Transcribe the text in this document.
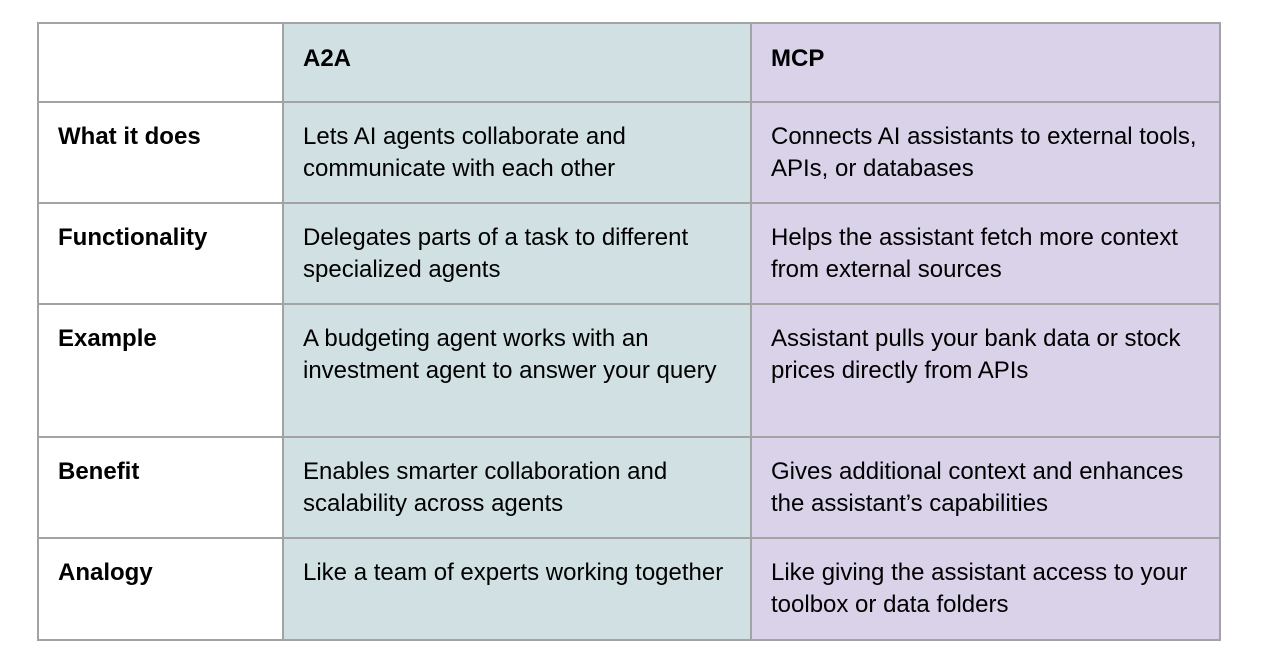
	A2A	MCP

What it does	Lets AI agents collaborate and communicate with each other	Connects AI assistants to external tools, APIs, or databases

Functionality	Delegates parts of a task to different specialized agents	Helps the assistant fetch more context from external sources

Example	A budgeting agent works with an investment agent to answer your query	Assistant pulls your bank data or stock prices directly from APIs

Benefit	Enables smarter collaboration and scalability across agents	Gives additional context and enhances the assistant’s capabilities

Analogy	Like a team of experts working together	Like giving the assistant access to your toolbox or data folders
